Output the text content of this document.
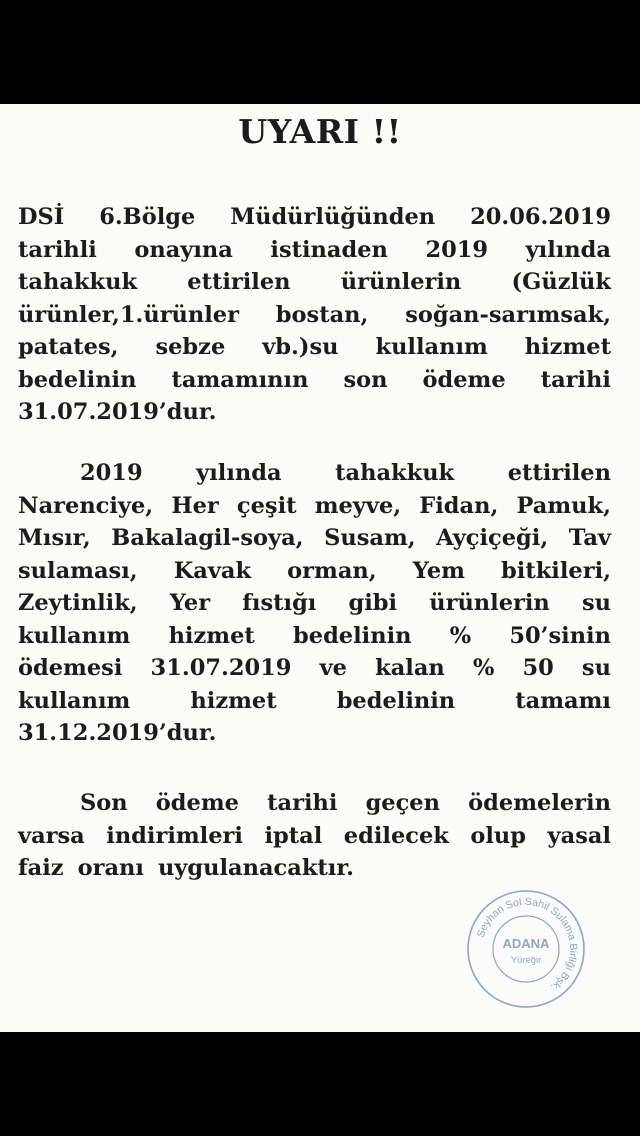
UYARI !!
DSİ 6.Bölge Müdürlüğünden 20.06.2019
tarihli onayına istinaden 2019 yılında
tahakkuk ettirilen ürünlerin (Güzlük
ürünler,1.ürünler bostan, soğan-sarımsak,
patates, sebze vb.)su kullanım hizmet
bedelinin tamamının son ödeme tarihi
31.07.2019’dur.
2019 yılında tahakkuk ettirilen
Narenciye, Her çeşit meyve, Fidan, Pamuk,
Mısır, Bakalagil-soya, Susam, Ayçiçeği, Tav
sulaması, Kavak orman, Yem bitkileri,
Zeytinlik, Yer fıstığı gibi ürünlerin su
kullanım hizmet bedelinin % 50’sinin
ödemesi 31.07.2019 ve kalan % 50 su
kullanım	hizmet	bedelinin	tamamı
31.12.2019’dur.
Son ödeme tarihi geçen ödemelerin
varsa indirimleri iptal edilecek olup yasal
faiz oranı uygulanacaktır.
Seyhan Sol Sahil Sulama Birliği Bşk.
ADANA
Yüreğir
